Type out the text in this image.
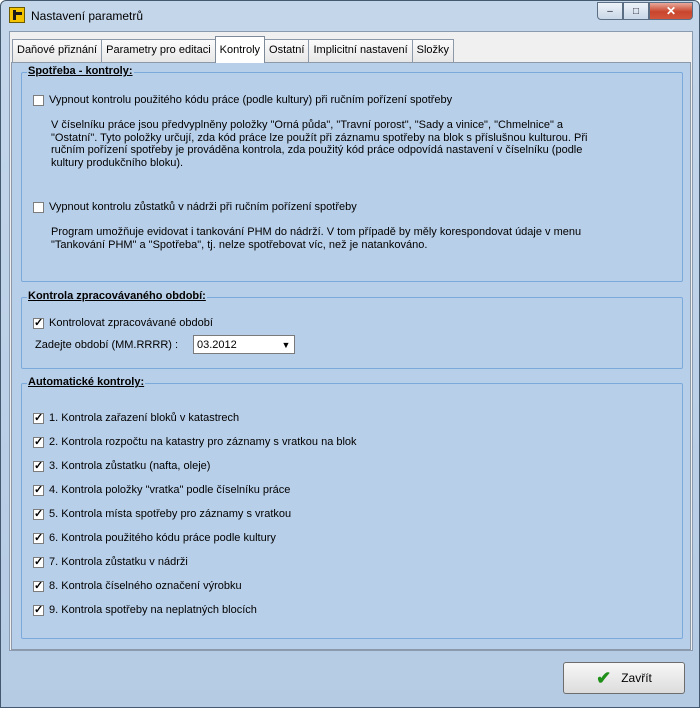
Nastavení parametrů	– □ ✕
Daňové přiznání Parametry pro editaci Kontroly Ostatní Implicitní nastavení Složky
Spotřeba - kontroly:
Vypnout kontrolu použitého kódu práce (podle kultury) při ručním pořízení spotřeby
V číselníku práce jsou předvyplněny položky "Orná půda", "Travní porost", "Sady a vinice", "Chmelnice" a
"Ostatní". Tyto položky určují, zda kód práce lze použít při záznamu spotřeby na blok s příslušnou kulturou. Při
ručním pořízení spotřeby je prováděna kontrola, zda použitý kód práce odpovídá nastavení v číselníku (podle
kultury produkčního bloku).
Vypnout kontrolu zůstatků v nádrži při ručním pořízení spotřeby
Program umožňuje evidovat i tankování PHM do nádrží. V tom případě by měly korespondovat údaje v menu
"Tankování PHM" a "Spotřeba", tj. nelze spotřebovat víc, než je natankováno.
Kontrola zpracovávaného období:
✓
Kontrolovat zpracovávané období
Zadejte období (MM.RRRR) : 03.2012	▼
Automatické kontroly:
✓
1. Kontrola zařazení bloků v katastrech
✓
2. Kontrola rozpočtu na katastry pro záznamy s vratkou na blok
✓
3. Kontrola zůstatku (nafta, oleje)
✓
4. Kontrola položky "vratka" podle číselníku práce
✓
5. Kontrola místa spotřeby pro záznamy s vratkou
✓
6. Kontrola použitého kódu práce podle kultury
✓
7. Kontrola zůstatku v nádrži
✓
8. Kontrola číselného označení výrobku
✓
9. Kontrola spotřeby na neplatných blocích
✔ Zavřít
